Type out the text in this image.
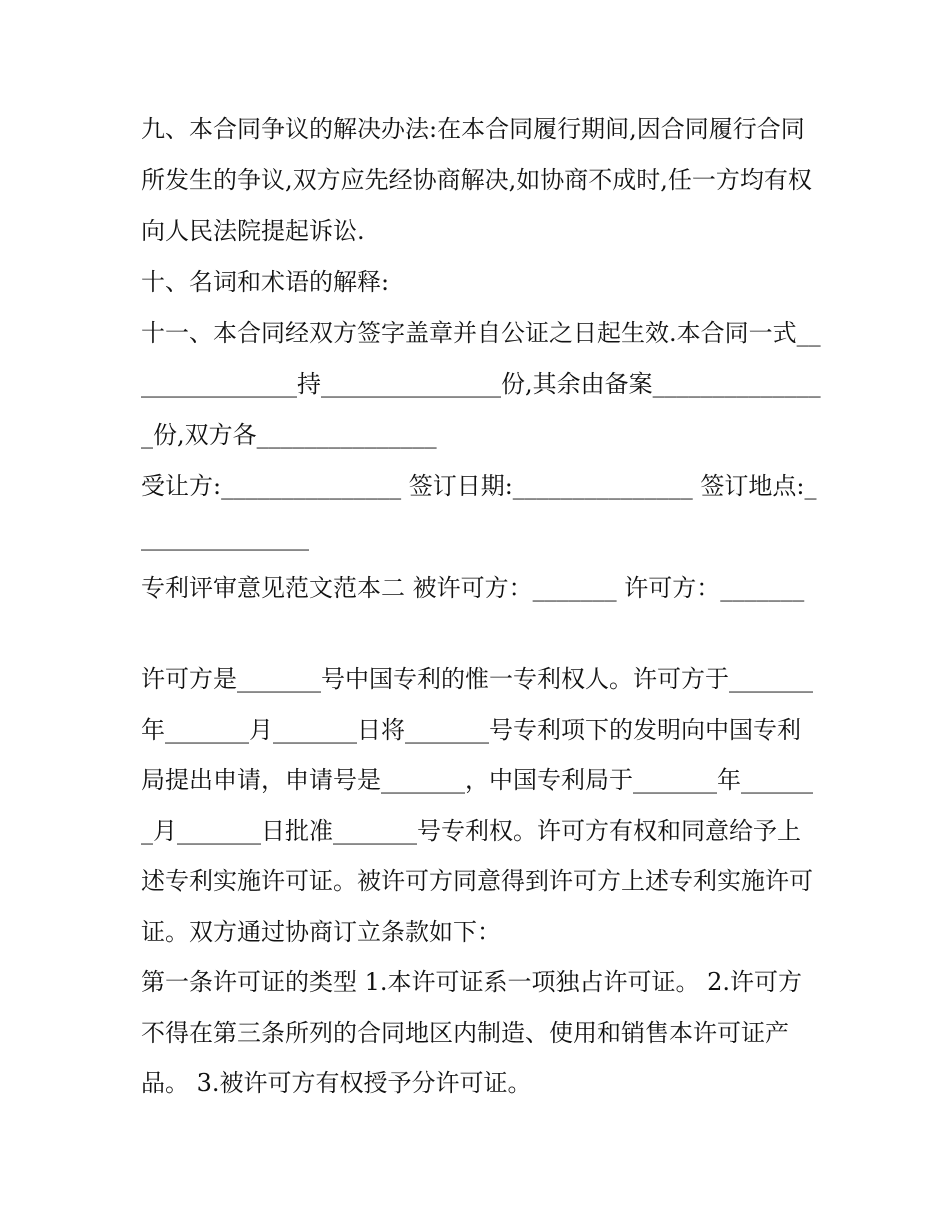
九、本合同争议的解决办法:在本合同履行期间,因合同履行合同所发生的争议,双方应先经协商解决,如协商不成时,任一方均有权向人民法院提起诉讼.

十、名词和术语的解释:

十一、本合同经双方签字盖章并自公证之日起生效.本合同一式_______________持_______________份,其余由备案_______________份,双方各_______________

受让方:_______________ 签订日期:_______________ 签订地点:_______________

专利评审意见范文范本二 被许可方：_______ 许可方：_______

许可方是_______号中国专利的惟一专利权人。许可方于_______年_______月_______日将_______号专利项下的发明向中国专利局提出申请，申请号是_______，中国专利局于_______年_______月_______日批准_______号专利权。许可方有权和同意给予上述专利实施许可证。被许可方同意得到许可方上述专利实施许可证。双方通过协商订立条款如下：

第一条许可证的类型 1.本许可证系一项独占许可证。 2.许可方不得在第三条所列的合同地区内制造、使用和销售本许可证产品。 3.被许可方有权授予分许可证。
